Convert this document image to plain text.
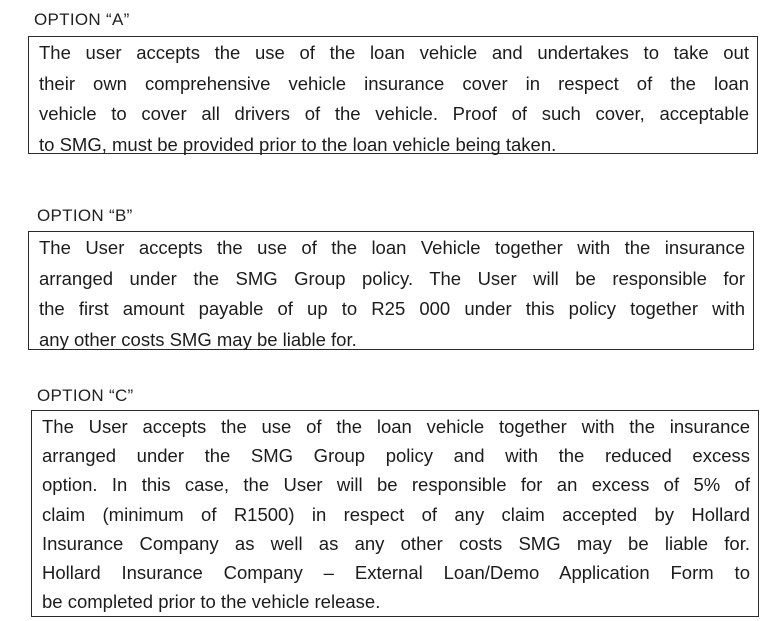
OPTION “A”
The user accepts the use of the loan vehicle and undertakes to take out
their own comprehensive vehicle insurance cover in respect of the loan
vehicle to cover all drivers of the vehicle. Proof of such cover, acceptable
to SMG, must be provided prior to the loan vehicle being taken.
OPTION “B”
The User accepts the use of the loan Vehicle together with the insurance
arranged under the SMG Group policy. The User will be responsible for
the first amount payable of up to R25 000 under this policy together with
any other costs SMG may be liable for.
OPTION “C”
The User accepts the use of the loan vehicle together with the insurance
arranged under the SMG Group policy and with the reduced excess
option. In this case, the User will be responsible for an excess of 5% of
claim (minimum of R1500) in respect of any claim accepted by Hollard
Insurance Company as well as any other costs SMG may be liable for.
Hollard Insurance Company – External Loan/Demo Application Form to
be completed prior to the vehicle release.
